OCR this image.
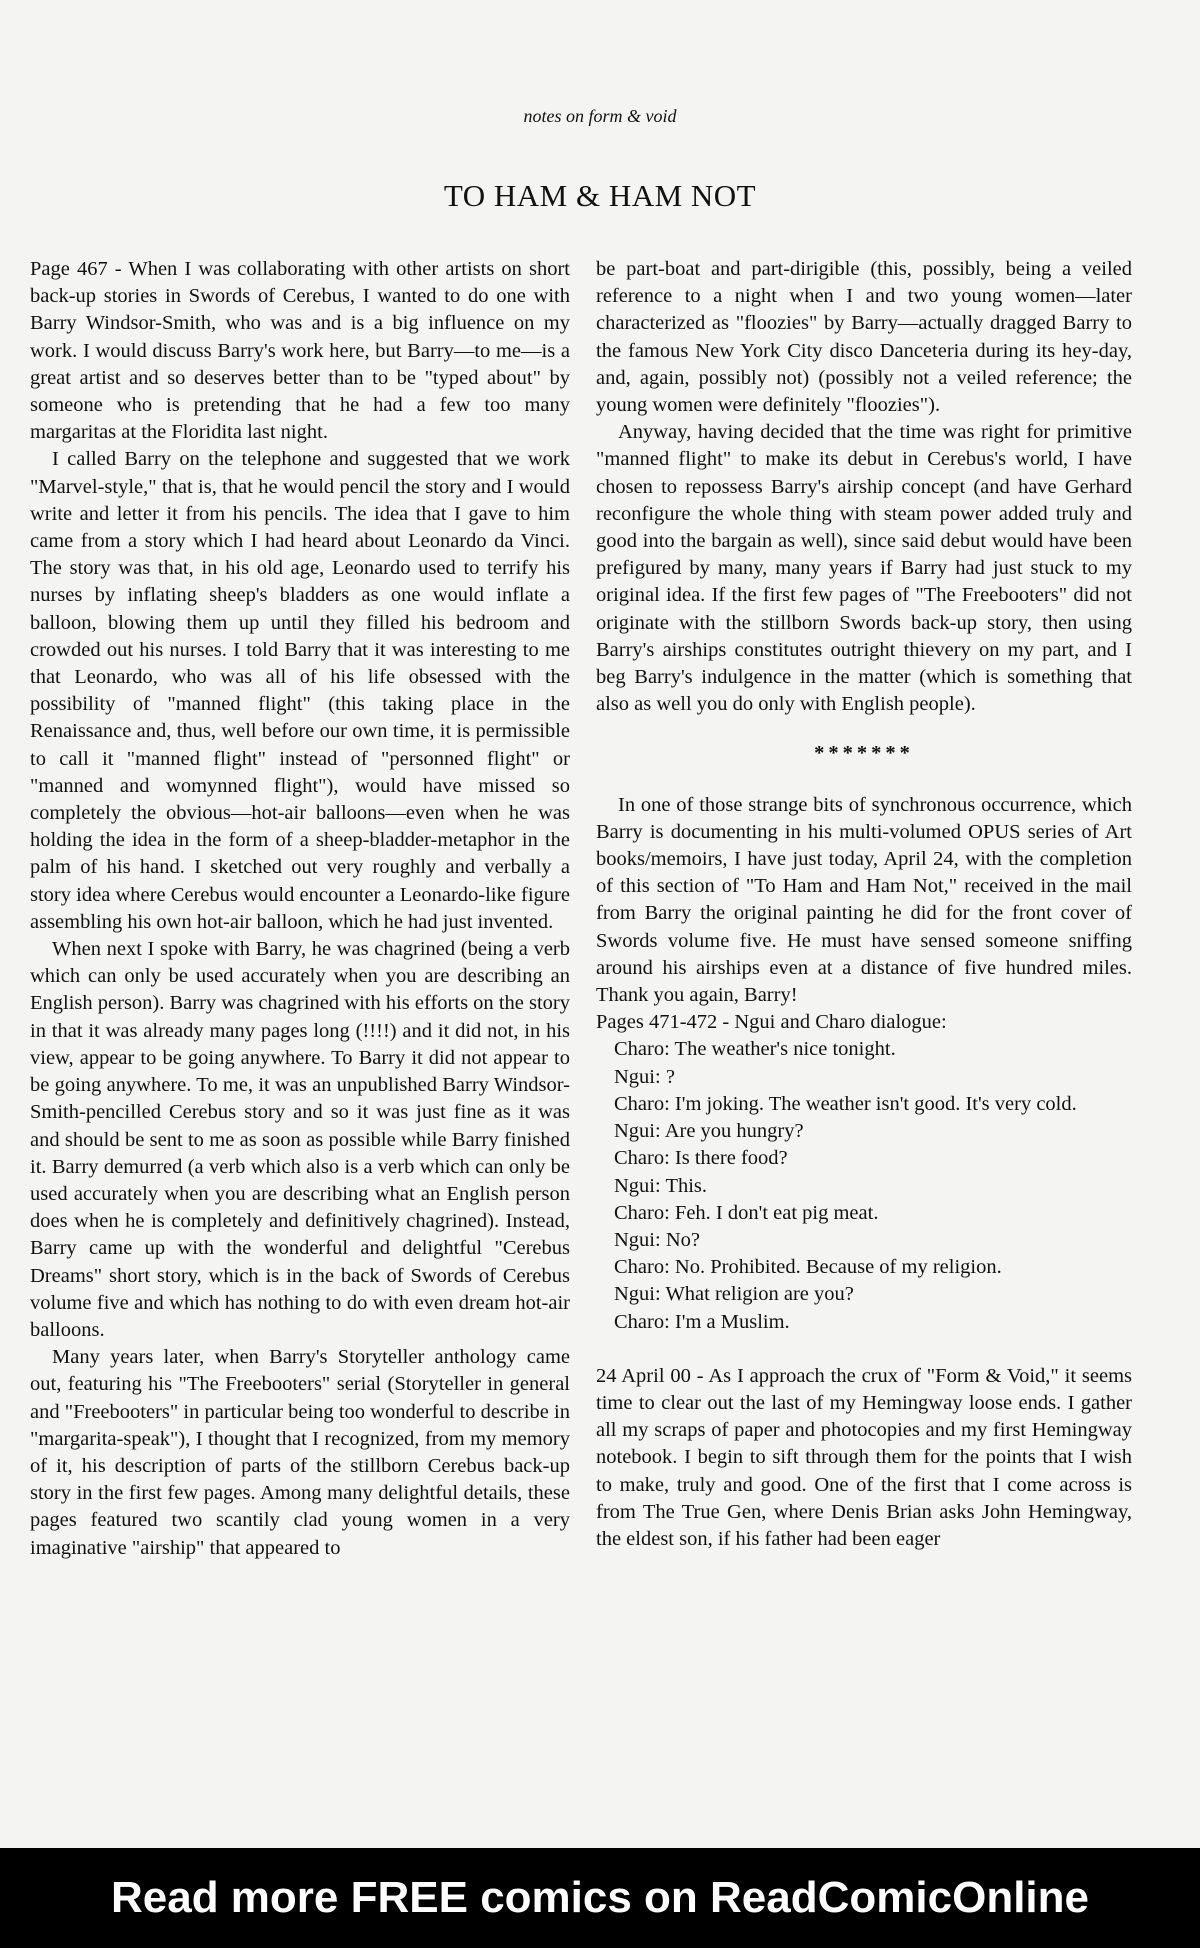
notes on form & void
TO HAM & HAM NOT

Page 467 - When I was collaborating with other artists on short back-up stories in Swords of Cerebus, I wanted to do one with Barry Windsor-Smith, who was and is a big influence on my work. I would discuss Barry's work here, but Barry—to me—is a great artist and so deserves better than to be "typed about" by someone who is pretending that he had a few too many margaritas at the Floridita last night.

I called Barry on the telephone and suggested that we work "Marvel-style," that is, that he would pencil the story and I would write and letter it from his pencils. The idea that I gave to him came from a story which I had heard about Leonardo da Vinci. The story was that, in his old age, Leonardo used to terrify his nurses by inflating sheep's bladders as one would inflate a balloon, blowing them up until they filled his bedroom and crowded out his nurses. I told Barry that it was interesting to me that Leonardo, who was all of his life obsessed with the possibility of "manned flight" (this taking place in the Renaissance and, thus, well before our own time, it is permissible to call it "manned flight" instead of "personned flight" or "manned and womynned flight"), would have missed so completely the obvious—hot-air balloons—even when he was holding the idea in the form of a sheep-bladder-metaphor in the palm of his hand. I sketched out very roughly and verbally a story idea where Cerebus would encounter a Leonardo-like figure assembling his own hot-air balloon, which he had just invented.

When next I spoke with Barry, he was chagrined (being a verb which can only be used accurately when you are describing an English person). Barry was chagrined with his efforts on the story in that it was already many pages long (!!!!) and it did not, in his view, appear to be going anywhere. To Barry it did not appear to be going anywhere. To me, it was an unpublished Barry Windsor-Smith-pencilled Cerebus story and so it was just fine as it was and should be sent to me as soon as possible while Barry finished it. Barry demurred (a verb which also is a verb which can only be used accurately when you are describing what an English person does when he is completely and definitively chagrined). Instead, Barry came up with the wonderful and delightful "Cerebus Dreams" short story, which is in the back of Swords of Cerebus volume five and which has nothing to do with even dream hot-air balloons.

Many years later, when Barry's Storyteller anthology came out, featuring his "The Freebooters" serial (Storyteller in general and "Freebooters" in particular being too wonderful to describe in "margarita-speak"), I thought that I recognized, from my memory of it, his description of parts of the stillborn Cerebus back-up story in the first few pages. Among many delightful details, these pages featured two scantily clad young women in a very imaginative "airship" that appeared to

be part-boat and part-dirigible (this, possibly, being a veiled reference to a night when I and two young women—later characterized as "floozies" by Barry—actually dragged Barry to the famous New York City disco Danceteria during its hey-day, and, again, possibly not) (possibly not a veiled reference; the young women were definitely "floozies").

Anyway, having decided that the time was right for primitive "manned flight" to make its debut in Cerebus's world, I have chosen to repossess Barry's airship concept (and have Gerhard reconfigure the whole thing with steam power added truly and good into the bargain as well), since said debut would have been prefigured by many, many years if Barry had just stuck to my original idea. If the first few pages of "The Freebooters" did not originate with the stillborn Swords back-up story, then using Barry's airships constitutes outright thievery on my part, and I beg Barry's indulgence in the matter (which is something that also as well you do only with English people).

*******

In one of those strange bits of synchronous occurrence, which Barry is documenting in his multi-volumed OPUS series of Art books/memoirs, I have just today, April 24, with the completion of this section of "To Ham and Ham Not," received in the mail from Barry the original painting he did for the front cover of Swords volume five. He must have sensed someone sniffing around his airships even at a distance of five hundred miles. Thank you again, Barry!

Pages 471-472 - Ngui and Charo dialogue:

Charo: The weather's nice tonight.
Ngui: ?
Charo: I'm joking. The weather isn't good. It's very cold.
Ngui: Are you hungry?
Charo: Is there food?
Ngui: This.
Charo: Feh. I don't eat pig meat.
Ngui: No?
Charo: No. Prohibited. Because of my religion.
Ngui: What religion are you?
Charo: I'm a Muslim.

24 April 00 - As I approach the crux of "Form & Void," it seems time to clear out the last of my Hemingway loose ends. I gather all my scraps of paper and photocopies and my first Hemingway notebook. I begin to sift through them for the points that I wish to make, truly and good. One of the first that I come across is from The True Gen, where Denis Brian asks John Hemingway, the eldest son, if his father had been eager

Read more FREE comics on ReadComicOnline
